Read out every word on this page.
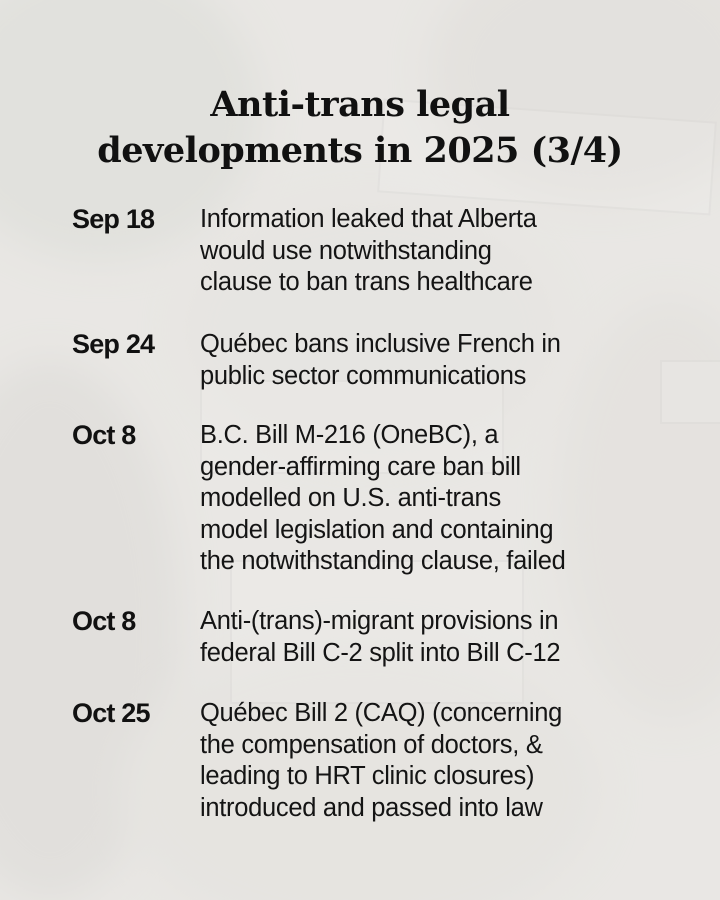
Anti-trans legal
developments in 2025 (3/4)
Sep 18 Information leaked that Alberta
would use notwithstanding
clause to ban trans healthcare
Sep 24 Québec bans inclusive French in
public sector communications
Oct 8	B.C. Bill M-216 (OneBC), a
gender-affirming care ban bill
modelled on U.S. anti-trans
model legislation and containing
the notwithstanding clause, failed
Oct 8	Anti-(trans)-migrant provisions in
federal Bill C-2 split into Bill C-12
Oct 25 Québec Bill 2 (CAQ) (concerning
the compensation of doctors, &
leading to HRT clinic closures)
introduced and passed into law
